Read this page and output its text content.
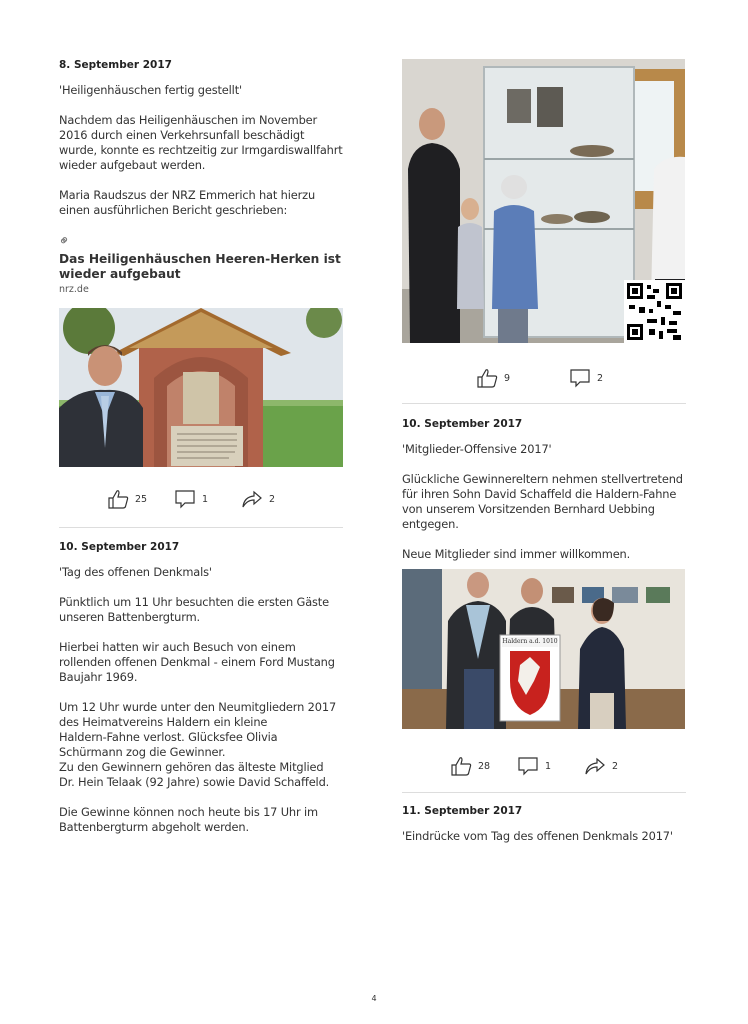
8. September 2017

'Heiligenhäuschen fertig gestellt'

Nachdem das Heiligenhäuschen im November
2016 durch einen Verkehrsunfall beschädigt
wurde, konnte es rechtzeitig zur Irmgardiswallfahrt
wieder aufgebaut werden.

Maria Raudszus der NRZ Emmerich hat hierzu
einen ausführlichen Bericht geschrieben:

⚭

Das Heiligenhäuschen Heeren-Herken ist
wieder aufgebaut

nrz.de

25	1	2

10. September 2017

'Tag des offenen Denkmals'

Pünktlich um 11 Uhr besuchten die ersten Gäste
unseren Battenbergturm.

Hierbei hatten wir auch Besuch von einem
rollenden offenen Denkmal - einem Ford Mustang
Baujahr 1969.

Um 12 Uhr wurde unter den Neumitgliedern 2017
des Heimatvereins Haldern ein kleine
Haldern-Fahne verlost. Glücksfee Olivia
Schürmann zog die Gewinner.
Zu den Gewinnern gehören das älteste Mitglied
Dr. Hein Telaak (92 Jahre) sowie David Schaffeld.

Die Gewinne können noch heute bis 17 Uhr im
Battenbergturm abgeholt werden.

9	2

10. September 2017

'Mitglieder-Offensive 2017'

Glückliche Gewinnereltern nehmen stellvertretend
für ihren Sohn David Schaffeld die Haldern-Fahne
von unserem Vorsitzenden Bernhard Uebbing
entgegen.

Neue Mitglieder sind immer willkommen.

Haldern a.d. 1010
28	1	2

11. September 2017

'Eindrücke vom Tag des offenen Denkmals 2017'

4
